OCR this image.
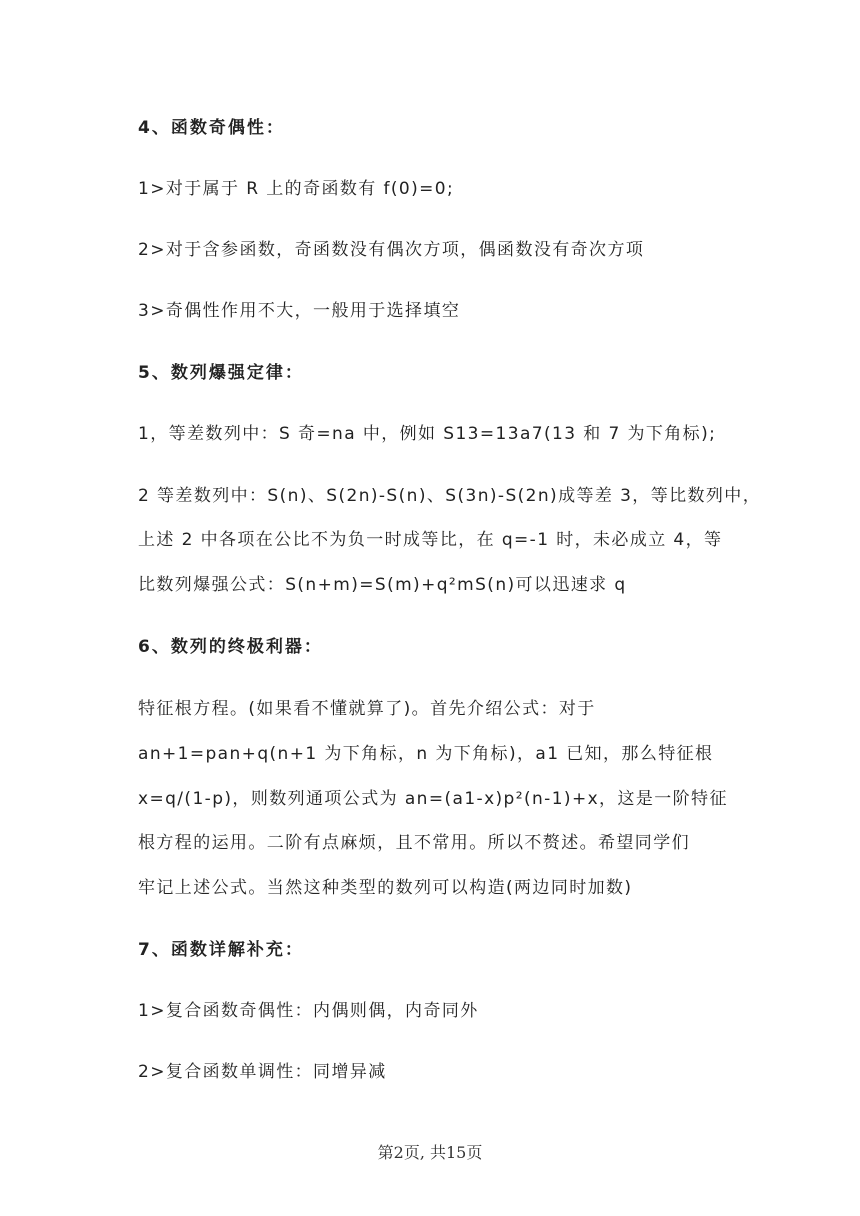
4、函数奇偶性：
1>对于属于 R 上的奇函数有 f(0)=0;
2>对于含参函数，奇函数没有偶次方项，偶函数没有奇次方项
3>奇偶性作用不大，一般用于选择填空
5、数列爆强定律：
1，等差数列中：S 奇=na 中，例如 S13=13a7(13 和 7 为下角标);
2 等差数列中：S(n)、S(2n)-S(n)、S(3n)-S(2n)成等差 3，等比数列中，
上述 2 中各项在公比不为负一时成等比，在 q=-1 时，未必成立 4，等
比数列爆强公式：S(n+m)=S(m)+q²mS(n)可以迅速求 q
6、数列的终极利器：
特征根方程。(如果看不懂就算了)。首先介绍公式：对于
an+1=pan+q(n+1 为下角标，n 为下角标)，a1 已知，那么特征根
x=q/(1-p)，则数列通项公式为 an=(a1-x)p²(n-1)+x，这是一阶特征
根方程的运用。二阶有点麻烦，且不常用。所以不赘述。希望同学们
牢记上述公式。当然这种类型的数列可以构造(两边同时加数)
7、函数详解补充：
1>复合函数奇偶性：内偶则偶，内奇同外
2>复合函数单调性：同增异减
第2页, 共15页
